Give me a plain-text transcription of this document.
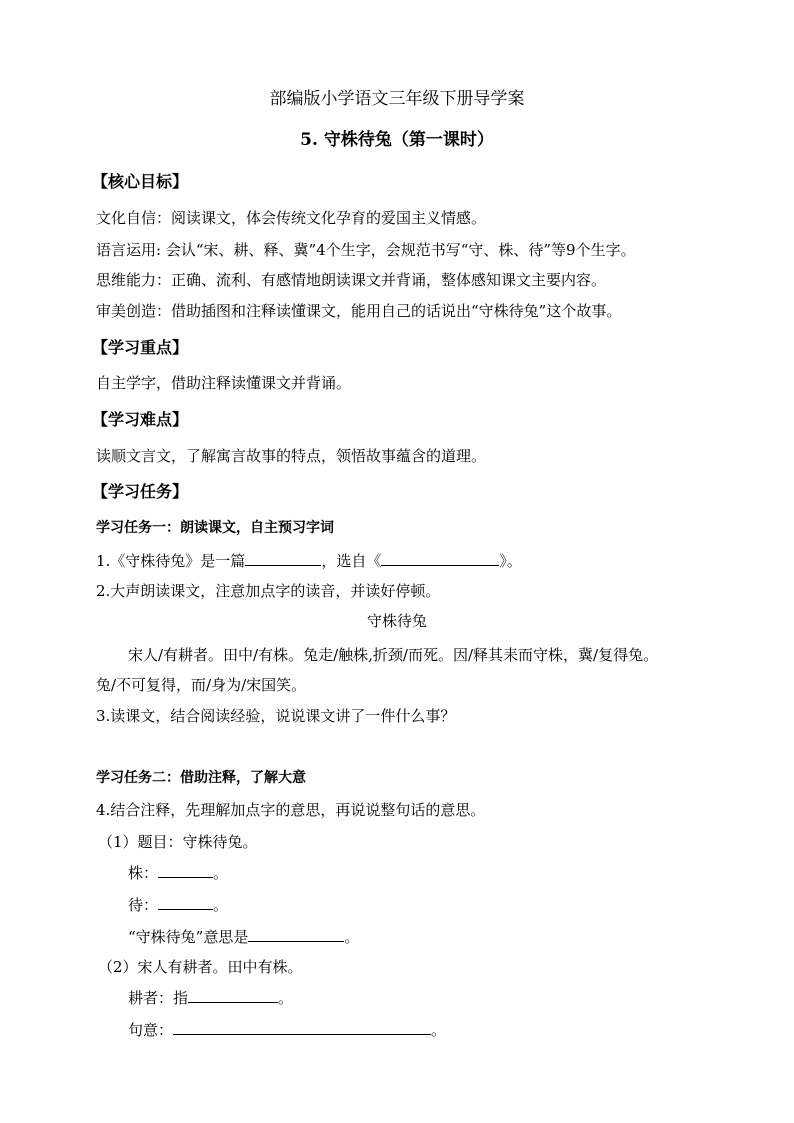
部编版小学语文三年级下册导学案
5. 守株待兔（第一课时）
【核心目标】
文化自信：阅读课文，体会传统文化孕育的爱国主义情感。
语言运用: 会认“宋、耕、释、冀”4个生字，会规范书写“守、株、待”等9个生字。
思维能力：正确、流利、有感情地朗读课文并背诵，整体感知课文主要内容。
审美创造：借助插图和注释读懂课文，能用自己的话说出“守株待兔”这个故事。
【学习重点】
自主学字，借助注释读懂课文并背诵。
【学习难点】
读顺文言文，了解寓言故事的特点，领悟故事蕴含的道理。
【学习任务】
学习任务一：朗读课文，自主预习字词
1.《守株待兔》是一篇	，选自《	》。
2.大声朗读课文，注意加点字的读音，并读好停顿。
守株待兔
宋人/有耕者。田中/有株。兔走/触株,折颈/而死。因/释其耒而守株，冀/复得兔。
兔/不可复得，而/身为/宋国笑。
3.读课文，结合阅读经验，说说课文讲了一件什么事？
学习任务二：借助注释，了解大意
4.结合注释，先理解加点字的意思，再说说整句话的意思。
（1）题目：守株待兔。
株：	。
待：	。
“守株待兔”意思是	。
（2）宋人有耕者。田中有株。
耕者：指	。
句意：	。
